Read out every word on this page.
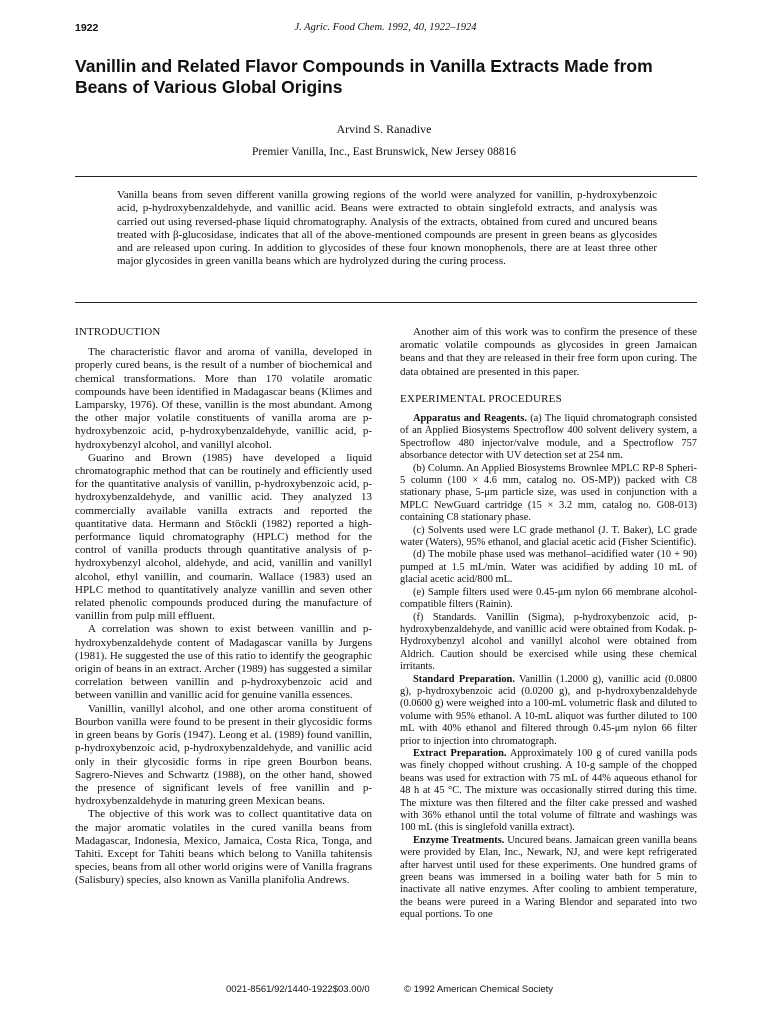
1922	J. Agric. Food Chem. 1992, 40, 1922–1924
Vanillin and Related Flavor Compounds in Vanilla Extracts Made from Beans of Various Global Origins
Arvind S. Ranadive
Premier Vanilla, Inc., East Brunswick, New Jersey 08816

Vanilla beans from seven different vanilla growing regions of the world were analyzed for vanillin, p-hydroxybenzoic acid, p-hydroxybenzaldehyde, and vanillic acid. Beans were extracted to obtain singlefold extracts, and analysis was carried out using reversed-phase liquid chromatography. Analysis of the extracts, obtained from cured and uncured beans treated with β-glucosidase, indicates that all of the above-mentioned compounds are present in green beans as glycosides and are released upon curing. In addition to glycosides of these four known monophenols, there are at least three other major glycosides in green vanilla beans which are hydrolyzed during the curing process.

INTRODUCTION

The characteristic flavor and aroma of vanilla, developed in properly cured beans, is the result of a number of biochemical and chemical transformations. More than 170 volatile aromatic compounds have been identified in Madagascar beans (Klimes and Lamparsky, 1976). Of these, vanillin is the most abundant. Among the other major volatile constituents of vanilla aroma are p-hydroxybenzoic acid, p-hydroxybenzaldehyde, vanillic acid, p-hydroxybenzyl alcohol, and vanillyl alcohol.

Guarino and Brown (1985) have developed a liquid chromatographic method that can be routinely and efficiently used for the quantitative analysis of vanillin, p-hydroxybenzoic acid, p-hydroxybenzaldehyde, and vanillic acid. They analyzed 13 commercially available vanilla extracts and reported the quantitative data. Hermann and Stöckli (1982) reported a high-performance liquid chromatography (HPLC) method for the control of vanilla products through quantitative analysis of p-hydroxybenzyl alcohol, aldehyde, and acid, vanillin and vanillyl alcohol, ethyl vanillin, and coumarin. Wallace (1983) used an HPLC method to quantitatively analyze vanillin and seven other related phenolic compounds produced during the manufacture of vanillin from pulp mill effluent.

A correlation was shown to exist between vanillin and p-hydroxybenzaldehyde content of Madagascar vanilla by Jurgens (1981). He suggested the use of this ratio to identify the geographic origin of beans in an extract. Archer (1989) has suggested a similar correlation between vanillin and p-hydroxybenzoic acid and between vanillin and vanillic acid for genuine vanilla essences.

Vanillin, vanillyl alcohol, and one other aroma constituent of Bourbon vanilla were found to be present in their glycosidic forms in green beans by Goris (1947). Leong et al. (1989) found vanillin, p-hydroxybenzoic acid, p-hydroxybenzaldehyde, and vanillic acid only in their glycosidic forms in ripe green Bourbon beans. Sagrero-Nieves and Schwartz (1988), on the other hand, showed the presence of significant levels of free vanillin and p-hydroxybenzaldehyde in maturing green Mexican beans.

The objective of this work was to collect quantitative data on the major aromatic volatiles in the cured vanilla beans from Madagascar, Indonesia, Mexico, Jamaica, Costa Rica, Tonga, and Tahiti. Except for Tahiti beans which belong to Vanilla tahitensis species, beans from all other world origins were of Vanilla fragrans (Salisbury) species, also known as Vanilla planifolia Andrews.

Another aim of this work was to confirm the presence of these aromatic volatile compounds as glycosides in green Jamaican beans and that they are released in their free form upon curing. The data obtained are presented in this paper.

EXPERIMENTAL PROCEDURES

Apparatus and Reagents. (a) The liquid chromatograph consisted of an Applied Biosystems Spectroflow 400 solvent delivery system, a Spectroflow 480 injector/valve module, and a Spectroflow 757 absorbance detector with UV detection set at 254 nm.

(b) Column. An Applied Biosystems Brownlee MPLC RP-8 Spheri-5 column (100 × 4.6 mm, catalog no. OS-MP)) packed with C8 stationary phase, 5-μm particle size, was used in conjunction with a MPLC NewGuard cartridge (15 × 3.2 mm, catalog no. G08-013) containing C8 stationary phase.

(c) Solvents used were LC grade methanol (J. T. Baker), LC grade water (Waters), 95% ethanol, and glacial acetic acid (Fisher Scientific).

(d) The mobile phase used was methanol–acidified water (10 + 90) pumped at 1.5 mL/min. Water was acidified by adding 10 mL of glacial acetic acid/800 mL.

(e) Sample filters used were 0.45-μm nylon 66 membrane alcohol-compatible filters (Rainin).

(f) Standards. Vanillin (Sigma), p-hydroxybenzoic acid, p-hydroxybenzaldehyde, and vanillic acid were obtained from Kodak. p-Hydroxybenzyl alcohol and vanillyl alcohol were obtained from Aldrich. Caution should be exercised while using these chemical irritants.

Standard Preparation. Vanillin (1.2000 g), vanillic acid (0.0800 g), p-hydroxybenzoic acid (0.0200 g), and p-hydroxybenzaldehyde (0.0600 g) were weighed into a 100-mL volumetric flask and diluted to volume with 95% ethanol. A 10-mL aliquot was further diluted to 100 mL with 40% ethanol and filtered through 0.45-μm nylon 66 filter prior to injection into chromatograph.

Extract Preparation. Approximately 100 g of cured vanilla pods was finely chopped without crushing. A 10-g sample of the chopped beans was used for extraction with 75 mL of 44% aqueous ethanol for 48 h at 45 °C. The mixture was occasionally stirred during this time. The mixture was then filtered and the filter cake pressed and washed with 36% ethanol until the total volume of filtrate and washings was 100 mL (this is singlefold vanilla extract).

Enzyme Treatments. Uncured beans. Jamaican green vanilla beans were provided by Elan, Inc., Newark, NJ, and were kept refrigerated after harvest until used for these experiments. One hundred grams of green beans was immersed in a boiling water bath for 5 min to inactivate all native enzymes. After cooling to ambient temperature, the beans were pureed in a Waring Blendor and separated into two equal portions. To one

0021-8561/92/1440-1922$03.00/0	© 1992 American Chemical Society
